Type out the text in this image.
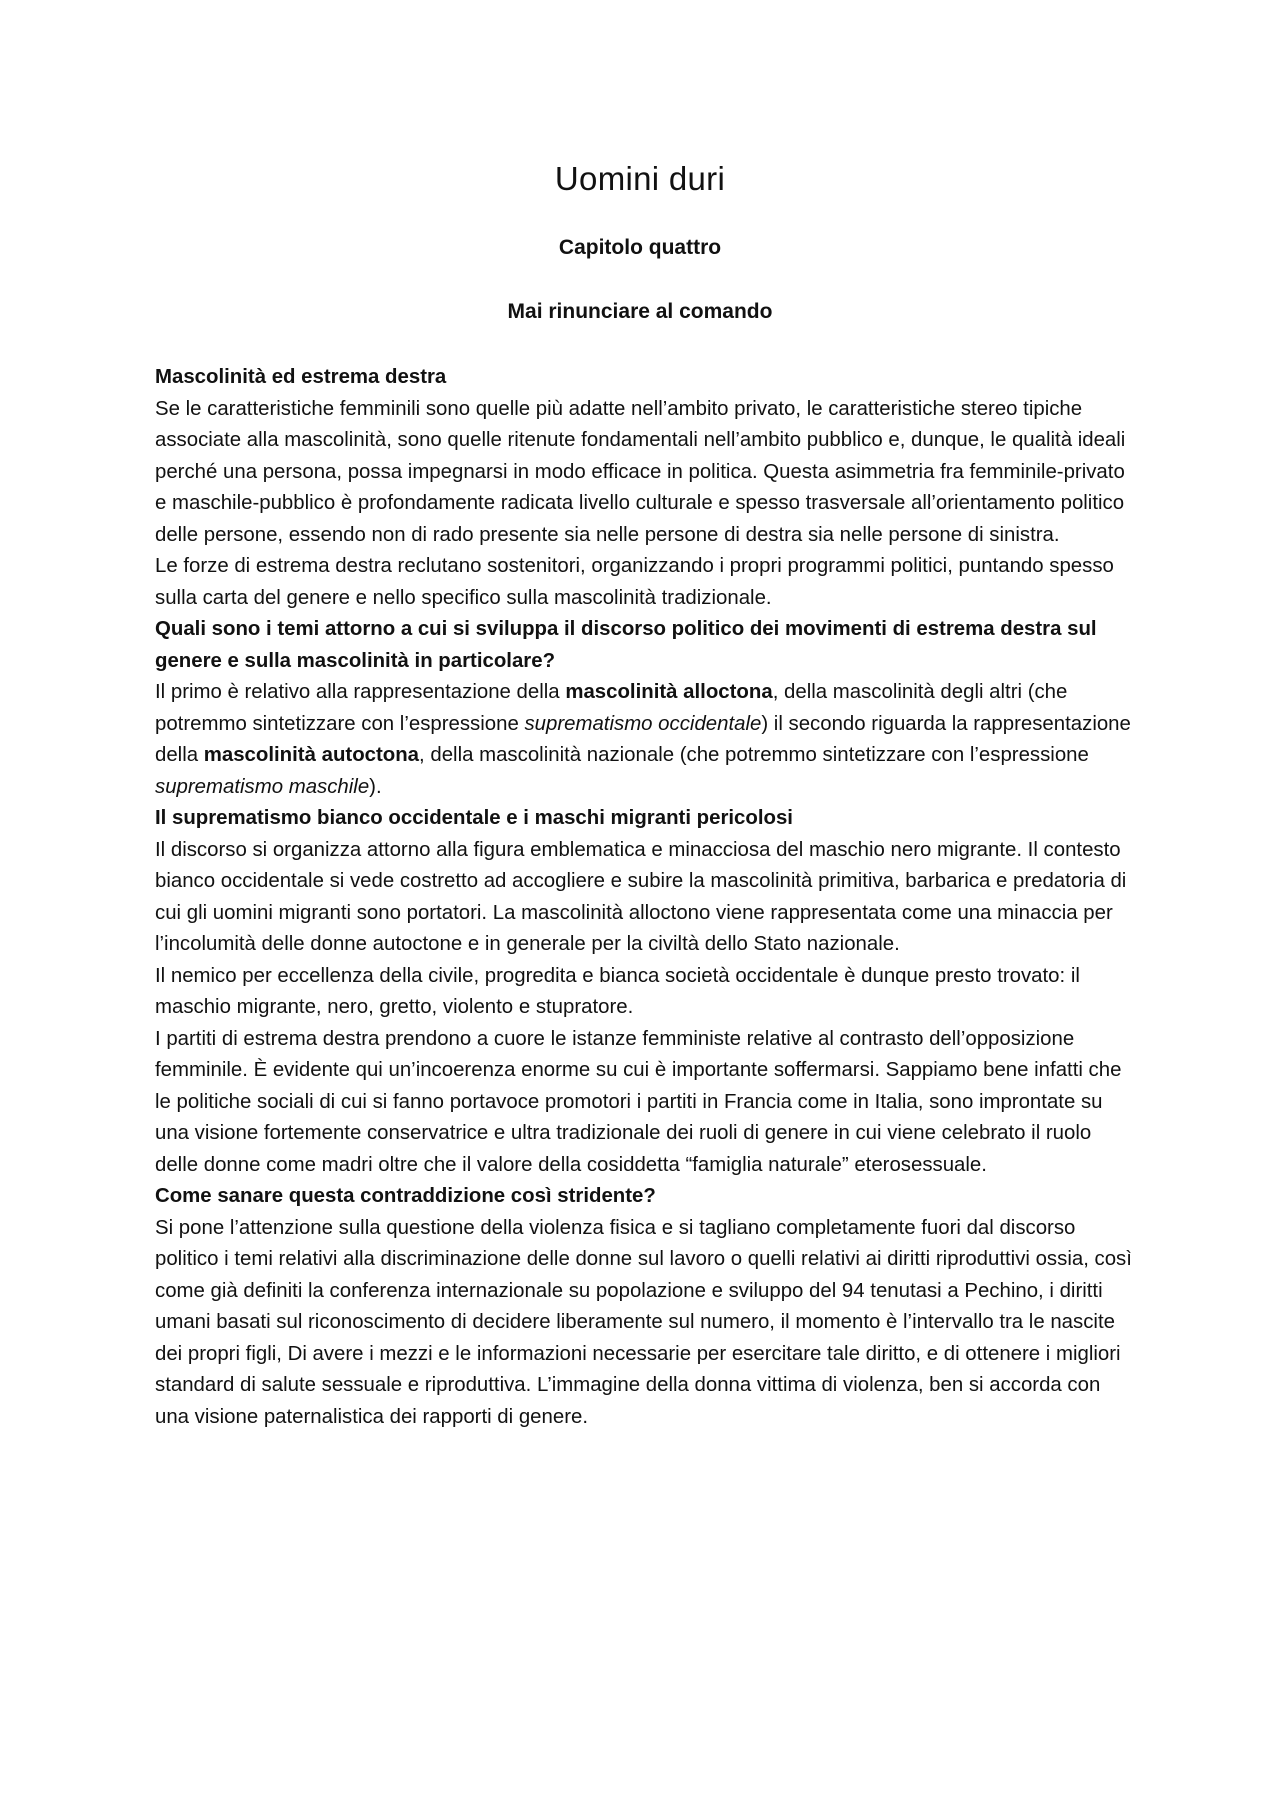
Uomini duri
Capitolo quattro
Mai rinunciare al comando
Mascolinità ed estrema destra

Se le caratteristiche femminili sono quelle più adatte nell’ambito privato, le caratteristiche stereo tipiche associate alla mascolinità, sono quelle ritenute fondamentali nell’ambito pubblico e, dunque, le qualità ideali perché una persona, possa impegnarsi in modo efficace in politica. Questa asimmetria fra femminile-privato e maschile-pubblico è profondamente radicata livello culturale e spesso trasversale all’orientamento politico delle persone, essendo non di rado presente sia nelle persone di destra sia nelle persone di sinistra.

Le forze di estrema destra reclutano sostenitori, organizzando i propri programmi politici, puntando spesso sulla carta del genere e nello specifico sulla mascolinità tradizionale.

Quali sono i temi attorno a cui si sviluppa il discorso politico dei movimenti di estrema destra sul genere e sulla mascolinità in particolare?

Il primo è relativo alla rappresentazione della mascolinità alloctona, della mascolinità degli altri (che potremmo sintetizzare con l’espressione suprematismo occidentale) il secondo riguarda la rappresentazione della mascolinità autoctona, della mascolinità nazionale (che potremmo sintetizzare con l’espressione suprematismo maschile).

Il suprematismo bianco occidentale e i maschi migranti pericolosi

Il discorso si organizza attorno alla figura emblematica e minacciosa del maschio nero migrante. Il contesto bianco occidentale si vede costretto ad accogliere e subire la mascolinità primitiva, barbarica e predatoria di cui gli uomini migranti sono portatori. La mascolinità alloctono viene rappresentata come una minaccia per l’incolumità delle donne autoctone e in generale per la civiltà dello Stato nazionale.

Il nemico per eccellenza della civile, progredita e bianca società occidentale è dunque presto trovato: il maschio migrante, nero, gretto, violento e stupratore.

I partiti di estrema destra prendono a cuore le istanze femministe relative al contrasto dell’opposizione femminile. È evidente qui un’incoerenza enorme su cui è importante soffermarsi. Sappiamo bene infatti che le politiche sociali di cui si fanno portavoce promotori i partiti in Francia come in Italia, sono improntate su una visione fortemente conservatrice e ultra tradizionale dei ruoli di genere in cui viene celebrato il ruolo delle donne come madri oltre che il valore della cosiddetta “famiglia naturale” eterosessuale.

Come sanare questa contraddizione così stridente?

Si pone l’attenzione sulla questione della violenza fisica e si tagliano completamente fuori dal discorso politico i temi relativi alla discriminazione delle donne sul lavoro o quelli relativi ai diritti riproduttivi ossia, così come già definiti la conferenza internazionale su popolazione e sviluppo del 94 tenutasi a Pechino, i diritti umani basati sul riconoscimento di decidere liberamente sul numero, il momento è l’intervallo tra le nascite dei propri figli, Di avere i mezzi e le informazioni necessarie per esercitare tale diritto, e di ottenere i migliori standard di salute sessuale e riproduttiva. L’immagine della donna vittima di violenza, ben si accorda con una visione paternalistica dei rapporti di genere.
